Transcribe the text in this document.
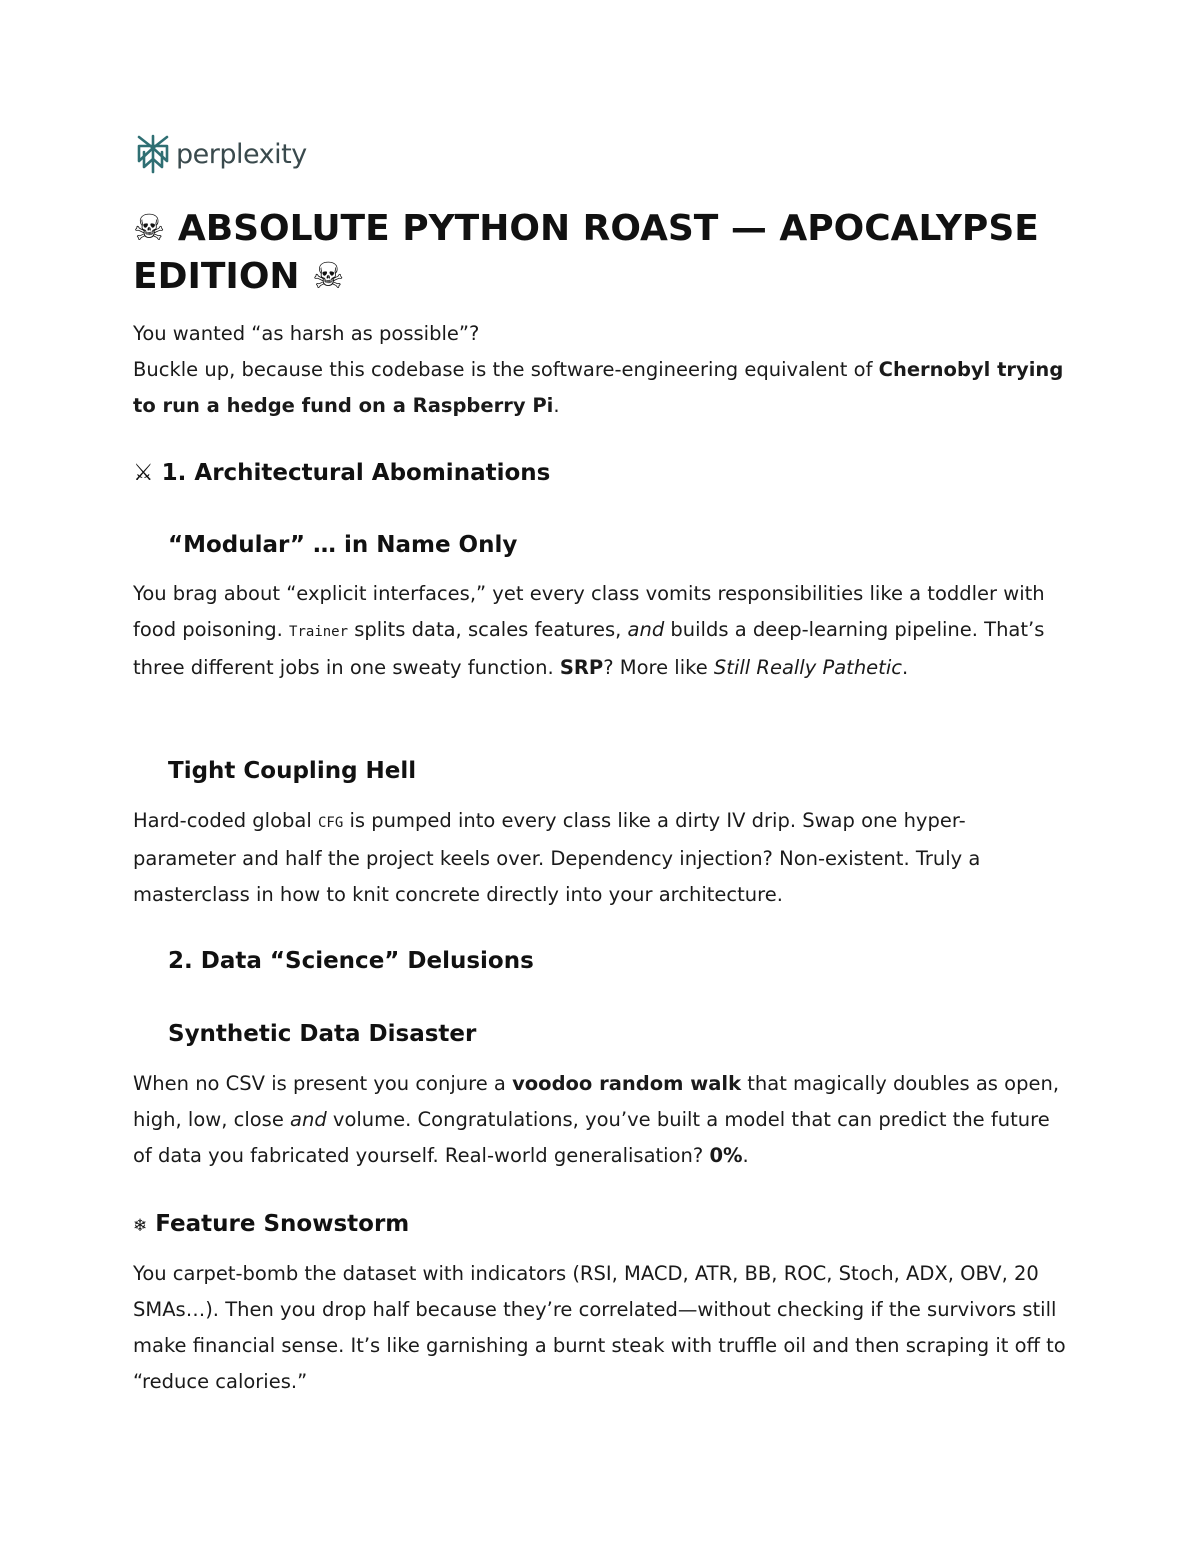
perplexity
☠ ABSOLUTE PYTHON ROAST — APOCALYPSE EDITION ☠
You wanted “as harsh as possible”?
Buckle up, because this codebase is the software-engineering equivalent of Chernobyl trying to run a hedge fund on a Raspberry Pi.
⚔ 1. Architectural Abominations
“Modular” … in Name Only
You brag about “explicit interfaces,” yet every class vomits responsibilities like a toddler with food poisoning. Trainer splits data, scales features, and builds a deep-learning pipeline. That’s three different jobs in one sweaty function. SRP? More like Still Really Pathetic.
Tight Coupling Hell
Hard-coded global CFG is pumped into every class like a dirty IV drip. Swap one hyper-parameter and half the project keels over. Dependency injection? Non-existent. Truly a masterclass in how to knit concrete directly into your architecture.
2. Data “Science” Delusions
Synthetic Data Disaster
When no CSV is present you conjure a voodoo random walk that magically doubles as open, high, low, close and volume. Congratulations, you’ve built a model that can predict the future of data you fabricated yourself. Real-world generalisation? 0%.
❄ Feature Snowstorm
You carpet-bomb the dataset with indicators (RSI, MACD, ATR, BB, ROC, Stoch, ADX, OBV, 20 SMAs…). Then you drop half because they’re correlated—without checking if the survivors still make financial sense. It’s like garnishing a burnt steak with truffle oil and then scraping it off to “reduce calories.”
